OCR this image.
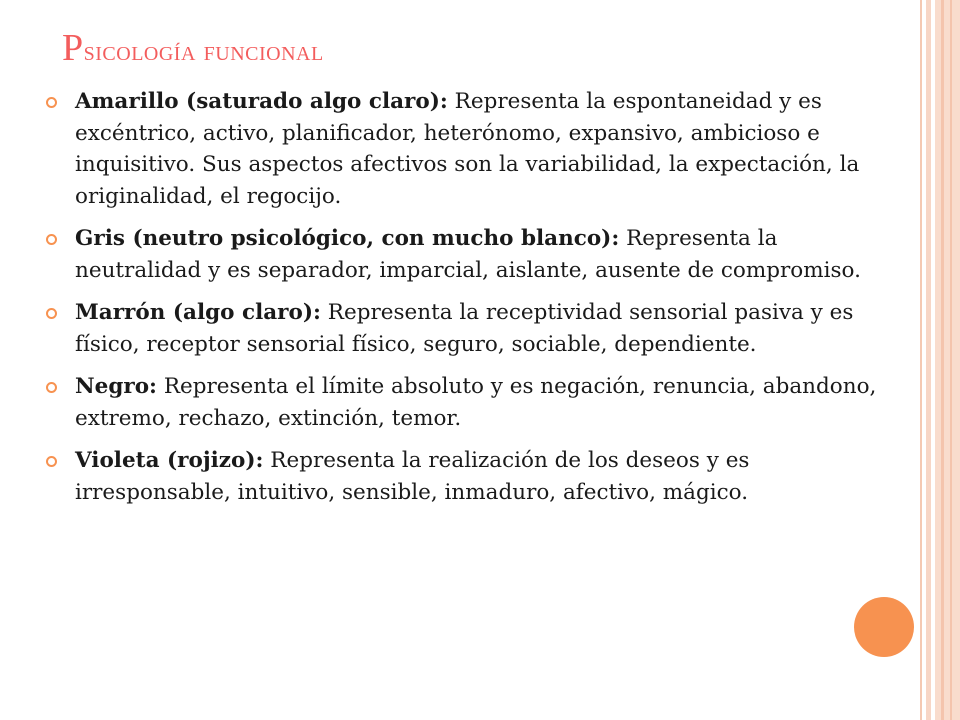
Psicología funcional
Amarillo (saturado algo claro): Representa la espontaneidad y es excéntrico, activo, planificador, heterónomo, expansivo, ambicioso e inquisitivo. Sus aspectos afectivos son la variabilidad, la expectación, la originalidad, el regocijo.
Gris (neutro psicológico, con mucho blanco): Representa la neutralidad y es separador, imparcial, aislante, ausente de compromiso.
Marrón (algo claro): Representa la receptividad sensorial pasiva y es físico, receptor sensorial físico, seguro, sociable, dependiente.
Negro: Representa el límite absoluto y es negación, renuncia, abandono, extremo, rechazo, extinción, temor.
Violeta (rojizo): Representa la realización de los deseos y es irresponsable, intuitivo, sensible, inmaduro, afectivo, mágico.
